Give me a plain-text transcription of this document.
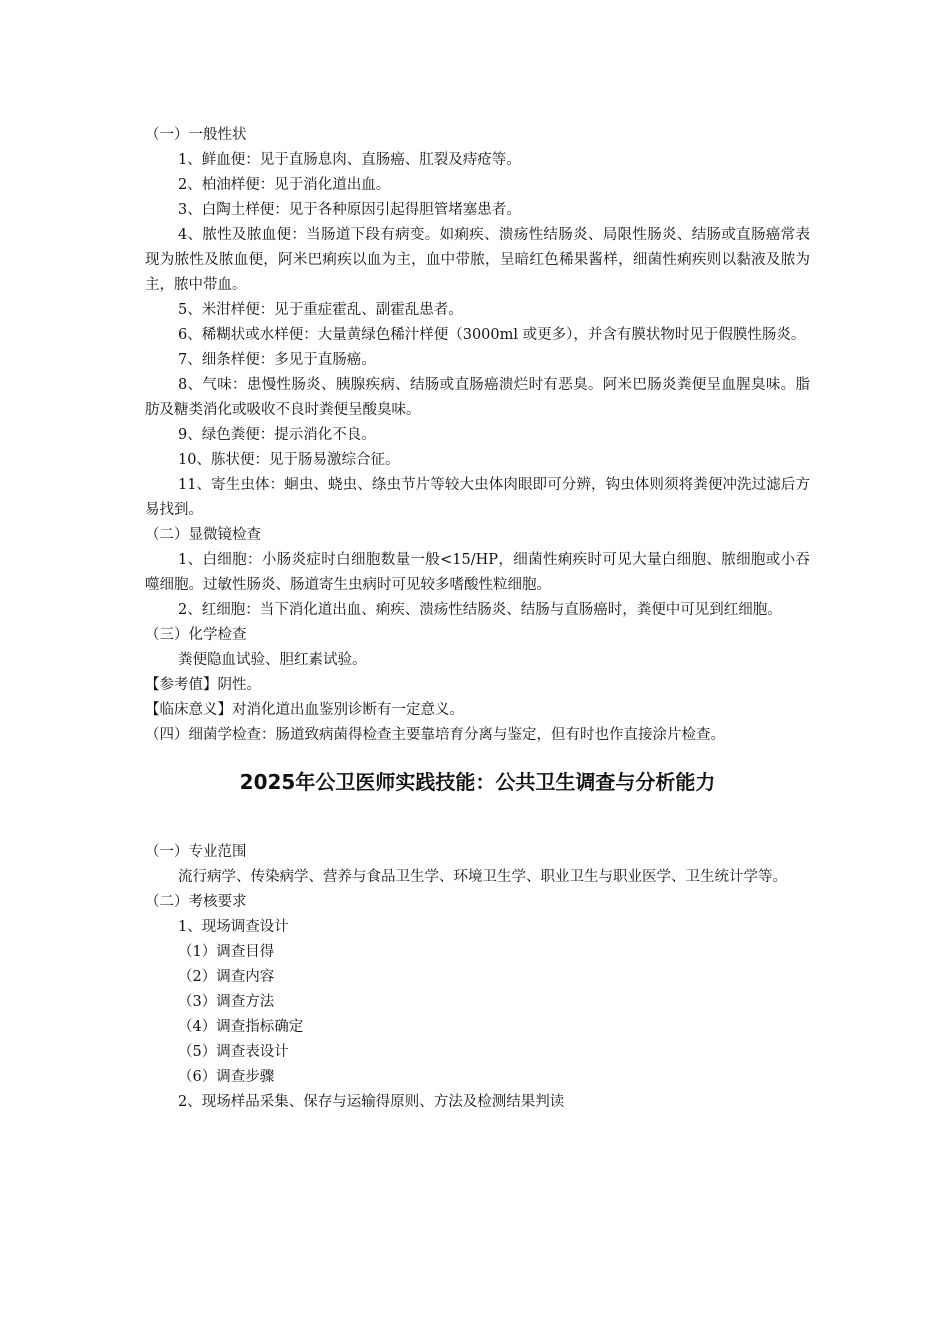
（一）一般性状
1、鲜血便：见于直肠息肉、直肠癌、肛裂及痔疮等。
2、柏油样便：见于消化道出血。
3、白陶土样便：见于各种原因引起得胆管堵塞患者。
4、脓性及脓血便：当肠道下段有病变。如痢疾、溃疡性结肠炎、局限性肠炎、结肠或直肠癌常表现为脓性及脓血便，阿米巴痢疾以血为主，血中带脓，呈暗红色稀果酱样，细菌性痢疾则以黏液及脓为主，脓中带血。
5、米泔样便：见于重症霍乱、副霍乱患者。
6、稀糊状或水样便：大量黄绿色稀汁样便（3000ml 或更多），并含有膜状物时见于假膜性肠炎。
7、细条样便：多见于直肠癌。
8、气味：患慢性肠炎、胰腺疾病、结肠或直肠癌溃烂时有恶臭。阿米巴肠炎粪便呈血腥臭味。脂肪及糖类消化或吸收不良时粪便呈酸臭味。
9、绿色粪便：提示消化不良。
10、胨状便：见于肠易激综合征。
11、寄生虫体：蛔虫、蛲虫、绦虫节片等较大虫体肉眼即可分辨，钩虫体则须将粪便冲洗过滤后方易找到。
（二）显微镜检查
1、白细胞：小肠炎症时白细胞数量一般<15/HP，细菌性痢疾时可见大量白细胞、脓细胞或小吞噬细胞。过敏性肠炎、肠道寄生虫病时可见较多嗜酸性粒细胞。
2、红细胞：当下消化道出血、痢疾、溃疡性结肠炎、结肠与直肠癌时，粪便中可见到红细胞。
（三）化学检查
粪便隐血试验、胆红素试验。
【参考值】阴性。
【临床意义】对消化道出血鉴别诊断有一定意义。
（四）细菌学检查：肠道致病菌得检查主要靠培育分离与鉴定，但有时也作直接涂片检查。
2025年公卫医师实践技能：公共卫生调查与分析能力
（一）专业范围
流行病学、传染病学、营养与食品卫生学、环境卫生学、职业卫生与职业医学、卫生统计学等。
（二）考核要求
1、现场调查设计
（1）调查目得
（2）调查内容
（3）调查方法
（4）调查指标确定
（5）调查表设计
（6）调查步骤
2、现场样品采集、保存与运输得原则、方法及检测结果判读
